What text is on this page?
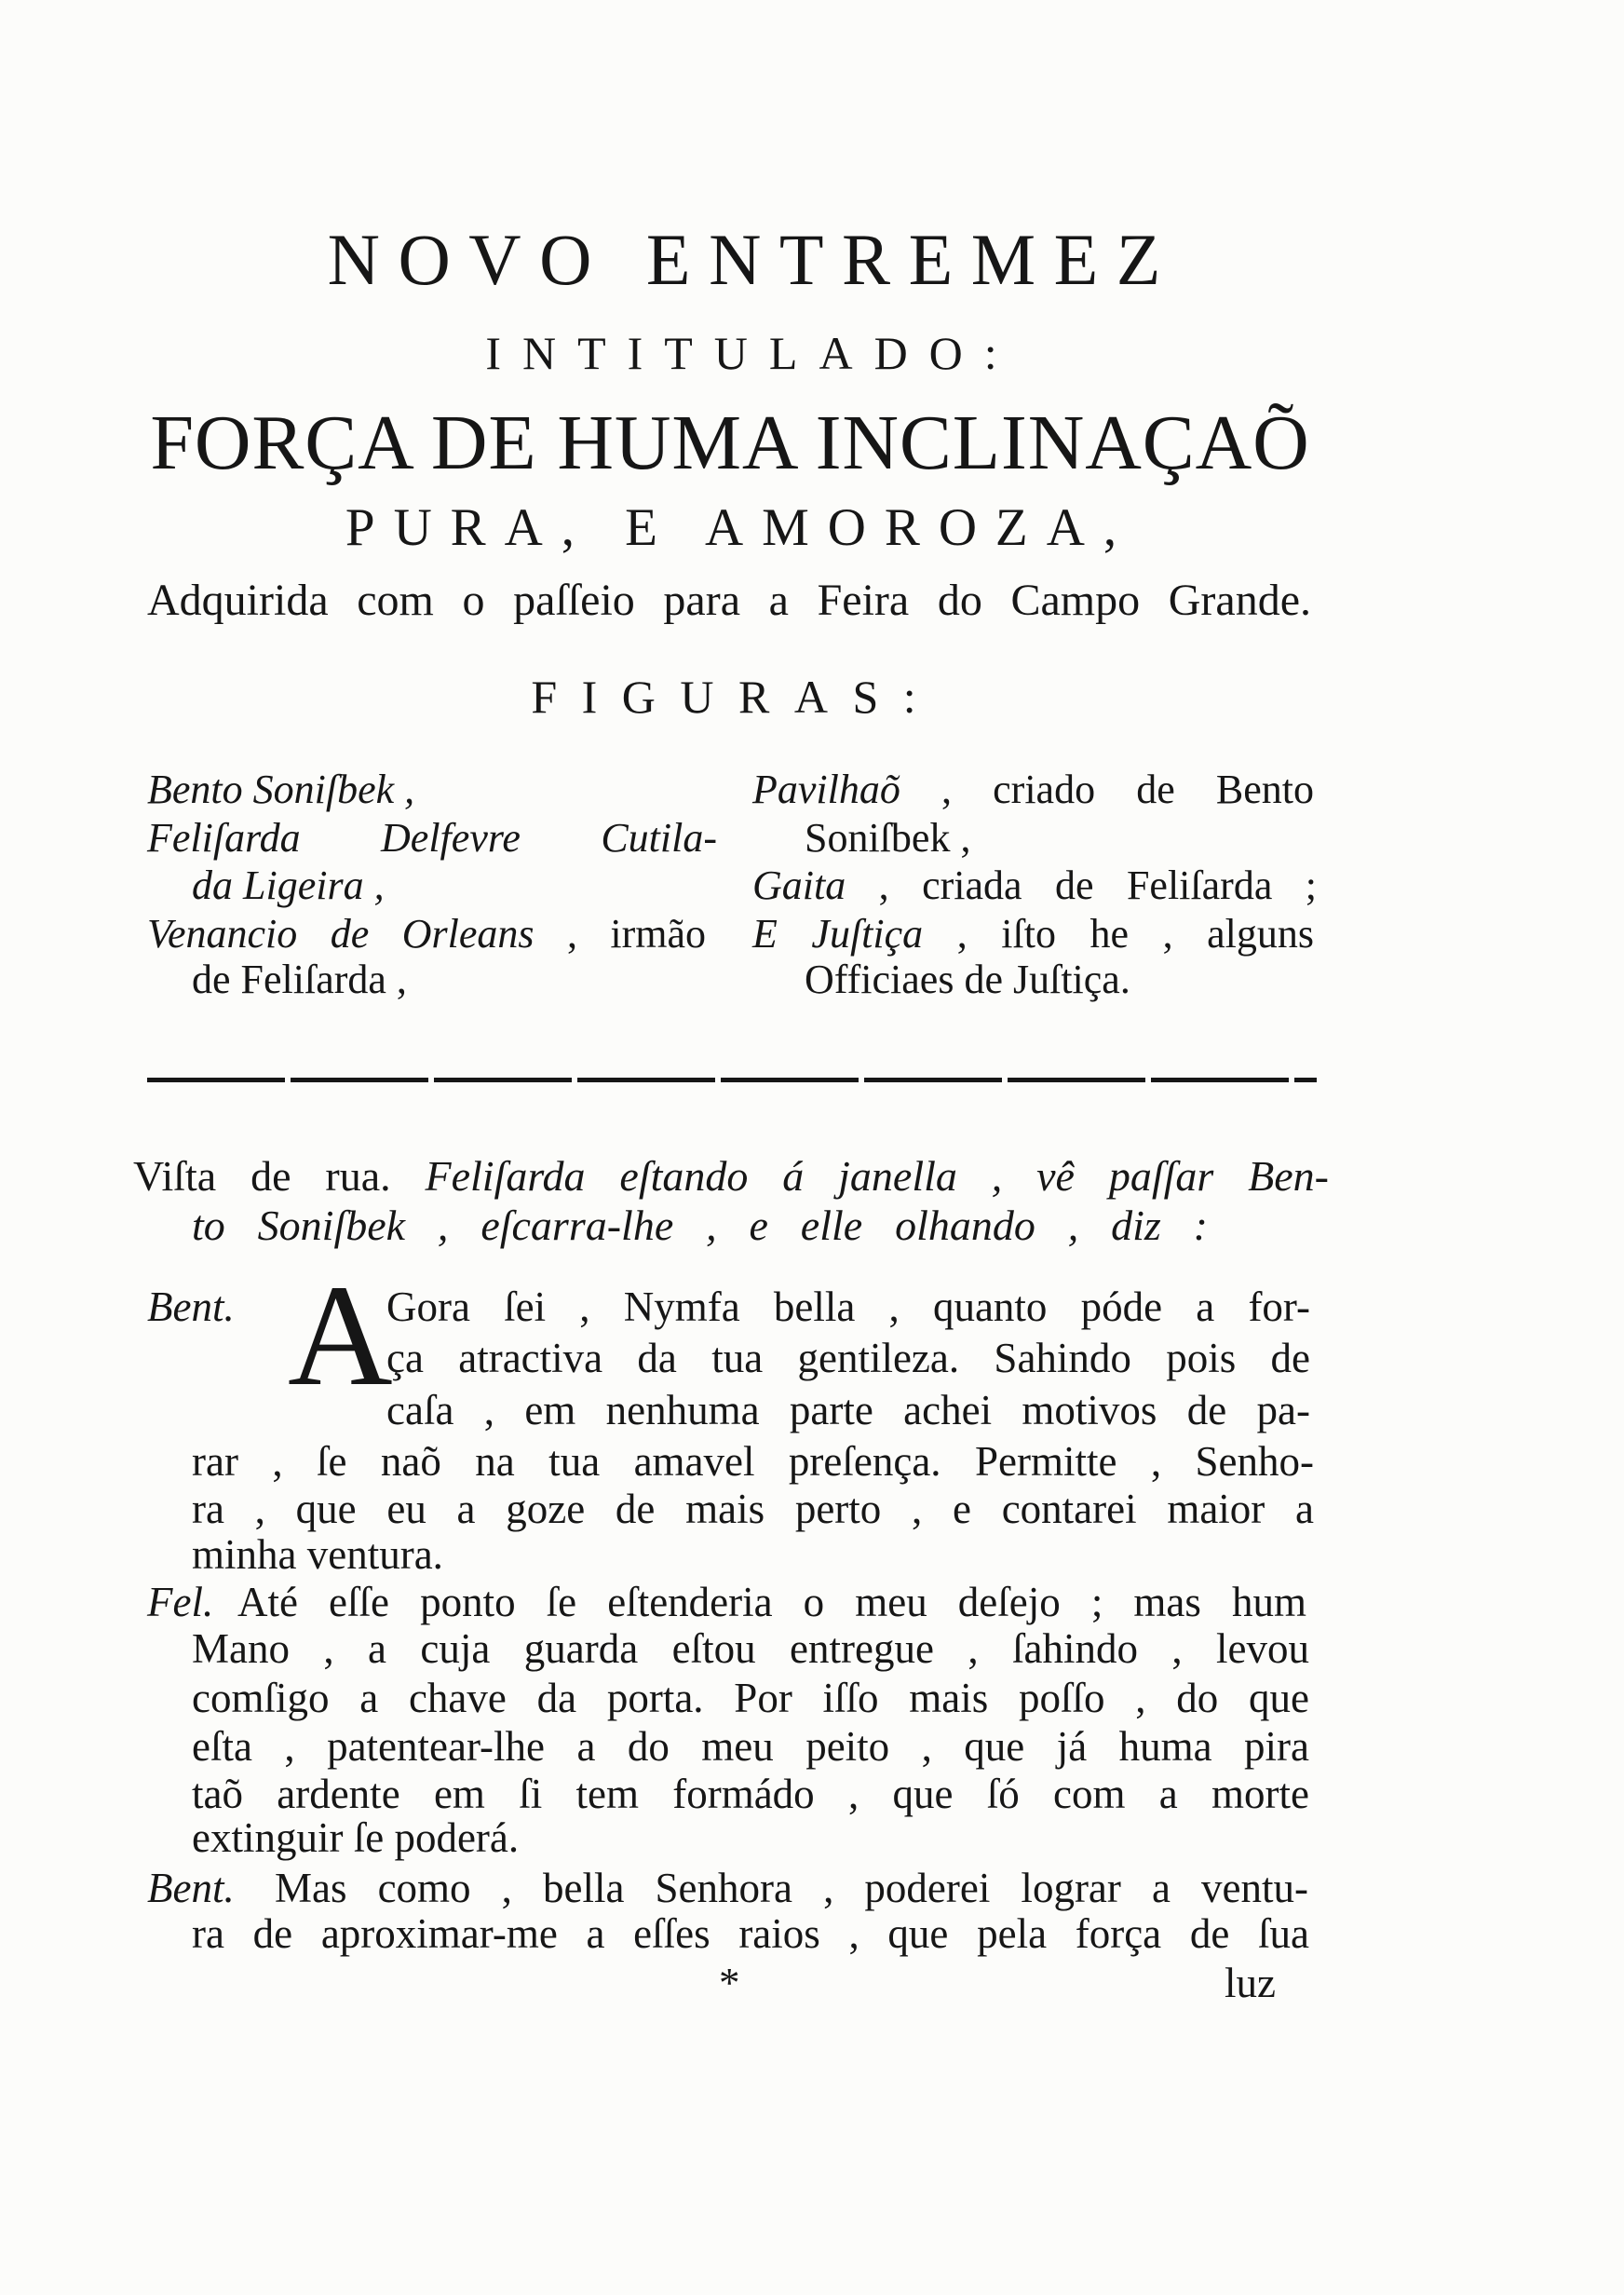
NOVO ENTREMEZ
INTITULADO:
FORÇA DE HUMA INCLINAÇAÕ
PURA, E AMOROZA,
Adquirida com o paſſeio para a Feira do Campo Grande.
FIGURAS:
Bento Soniſbek ,
Feliſarda Delfevre Cutila-
da Ligeira ,
Venancio de Orleans , irmão
de Feliſarda ,
Pavilhaõ , criado de Bento
Soniſbek ,
Gaita , criada de Feliſarda ;
E Juſtiça , iſto he , alguns
Officiaes de Juſtiça.
Viſta de rua. Feliſarda eſtando á janella , vê paſſar Ben-
to Soniſbek , eſcarra-lhe , e elle olhando , diz :
Bent. A
Gora ſei , Nymfa bella , quanto póde a for-
ça atractiva da tua gentileza. Sahindo pois de
caſa , em nenhuma parte achei motivos de pa-
rar , ſe naõ na tua amavel preſença. Permitte , Senho-
ra , que eu a goze de mais perto , e contarei maior a
minha ventura.
Fel. Até eſſe ponto ſe eſtenderia o meu deſejo ; mas hum
Mano , a cuja guarda eſtou entregue , ſahindo , levou
comſigo a chave da porta. Por iſſo mais poſſo , do que
eſta , patentear-lhe a do meu peito , que já huma pira
taõ ardente em ſi tem formádo , que ſó com a morte
extinguir ſe poderá.
Bent. Mas como , bella Senhora , poderei lograr a ventu-
ra de aproximar-me a eſſes raios , que pela força de ſua
*	luz
